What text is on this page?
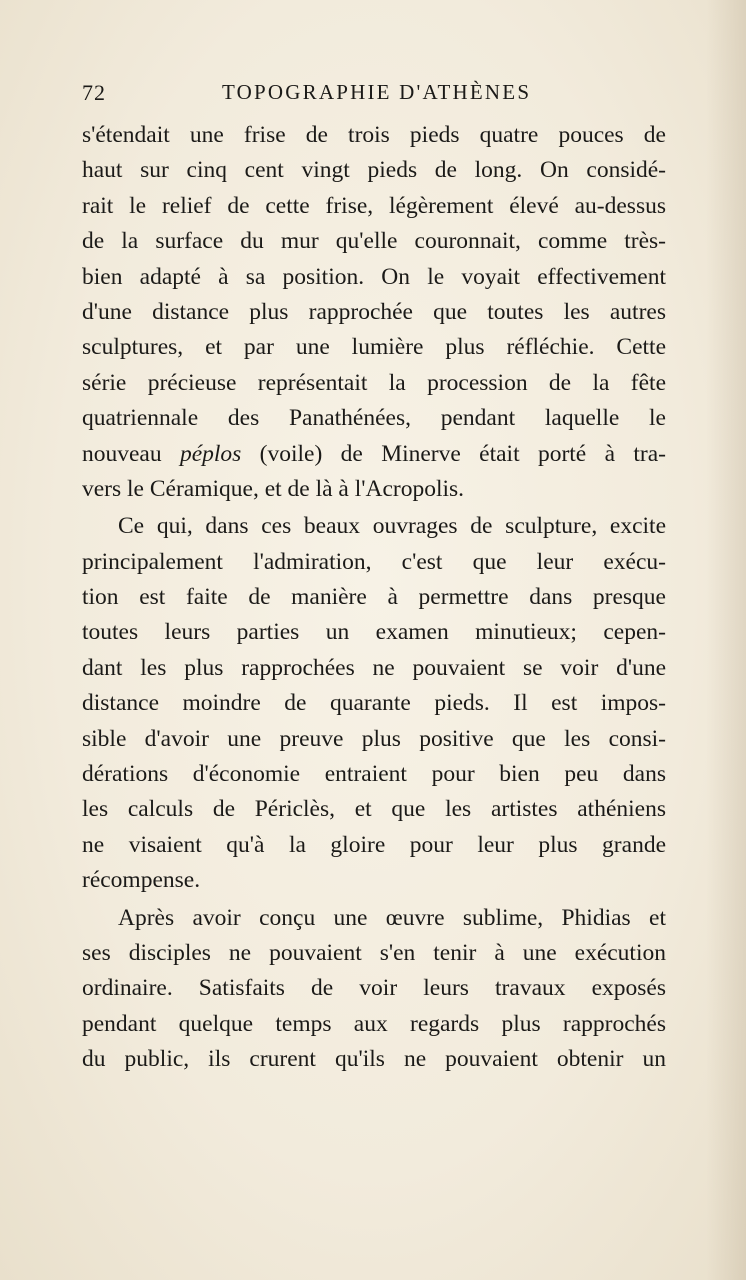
72	TOPOGRAPHIE D'ATHÈNES
s'étendait une frise de trois pieds quatre pouces de
haut sur cinq cent vingt pieds de long. On considé-
rait le relief de cette frise, légèrement élevé au-dessus
de la surface du mur qu'elle couronnait, comme très-
bien adapté à sa position. On le voyait effectivement
d'une distance plus rapprochée que toutes les autres
sculptures, et par une lumière plus réfléchie. Cette
série précieuse représentait la procession de la fête
quatriennale des Panathénées, pendant laquelle le
nouveau péplos (voile) de Minerve était porté à tra-
vers le Céramique, et de là à l'Acropolis.
Ce qui, dans ces beaux ouvrages de sculpture, excite
principalement l'admiration, c'est que leur exécu-
tion est faite de manière à permettre dans presque
toutes leurs parties un examen minutieux; cepen-
dant les plus rapprochées ne pouvaient se voir d'une
distance moindre de quarante pieds. Il est impos-
sible d'avoir une preuve plus positive que les consi-
dérations d'économie entraient pour bien peu dans
les calculs de Périclès, et que les artistes athéniens
ne visaient qu'à la gloire pour leur plus grande
récompense.
Après avoir conçu une œuvre sublime, Phidias et
ses disciples ne pouvaient s'en tenir à une exécution
ordinaire. Satisfaits de voir leurs travaux exposés
pendant quelque temps aux regards plus rapprochés
du public, ils crurent qu'ils ne pouvaient obtenir un
